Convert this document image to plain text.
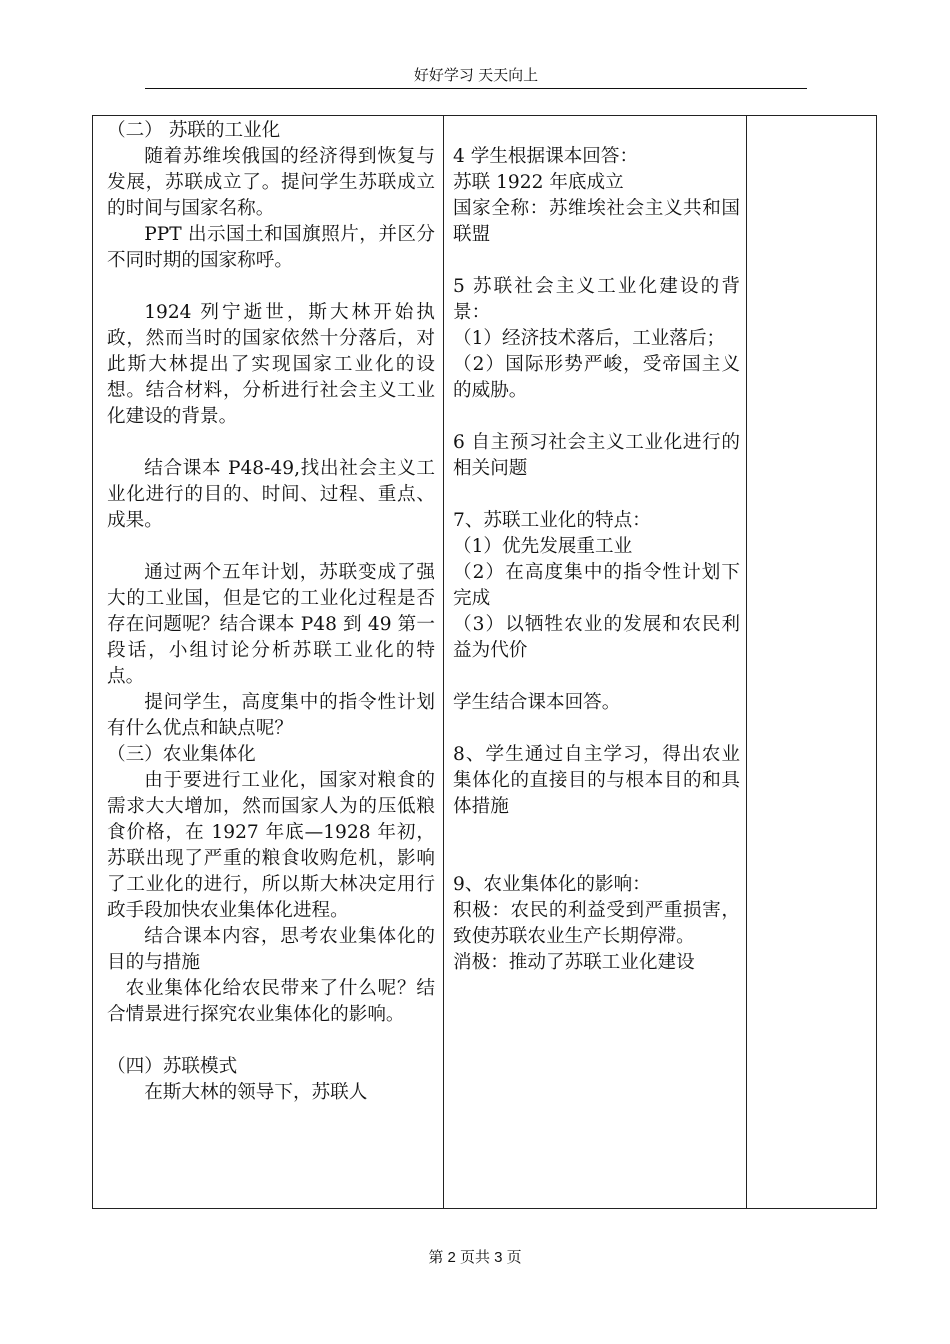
好好学习 天天向上

（二） 苏联的工业化

随着苏维埃俄国的经济得到恢复与发展，苏联成立了。提问学生苏联成立的时间与国家名称。

PPT 出示国土和国旗照片，并区分不同时期的国家称呼。

1924 列宁逝世，斯大林开始执政，然而当时的国家依然十分落后，对此斯大林提出了实现国家工业化的设想。结合材料，分析进行社会主义工业化建设的背景。

结合课本 P48-49,找出社会主义工业化进行的目的、时间、过程、重点、成果。

通过两个五年计划，苏联变成了强大的工业国，但是它的工业化过程是否存在问题呢？结合课本 P48 到 49 第一段话，小组讨论分析苏联工业化的特点。

提问学生，高度集中的指令性计划有什么优点和缺点呢？

（三）农业集体化

由于要进行工业化，国家对粮食的需求大大增加，然而国家人为的压低粮食价格，在 1927 年底—1928 年初，苏联出现了严重的粮食收购危机，影响了工业化的进行，所以斯大林决定用行政手段加快农业集体化进程。

结合课本内容，思考农业集体化的目的与措施

农业集体化给农民带来了什么呢？结合情景进行探究农业集体化的影响。

（四）苏联模式

在斯大林的领导下，苏联人

4 学生根据课本回答：

苏联 1922 年底成立

国家全称：苏维埃社会主义共和国联盟

5 苏联社会主义工业化建设的背景：

（1）经济技术落后，工业落后；

（2）国际形势严峻，受帝国主义的威胁。

6 自主预习社会主义工业化进行的相关问题

7、苏联工业化的特点：

（1）优先发展重工业

（2）在高度集中的指令性计划下完成

（3）以牺牲农业的发展和农民利益为代价

学生结合课本回答。

8、学生通过自主学习，得出农业集体化的直接目的与根本目的和具体措施

9、农业集体化的影响：

积极：农民的利益受到严重损害，致使苏联农业生产长期停滞。

消极：推动了苏联工业化建设

第 2 页共 3 页
